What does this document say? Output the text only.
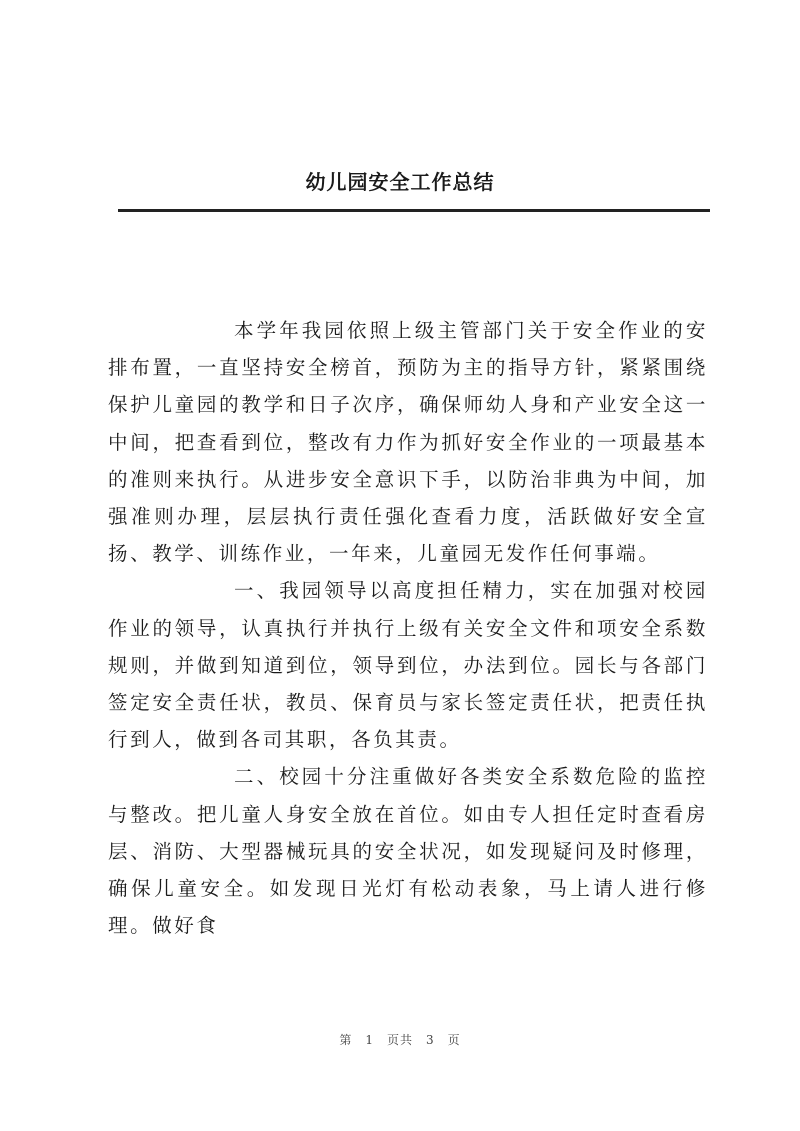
幼儿园安全工作总结

本学年我园依照上级主管部门关于安全作业的安排布置，一直坚持安全榜首，预防为主的指导方针，紧紧围绕保护儿童园的教学和日子次序，确保师幼人身和产业安全这一中间，把查看到位，整改有力作为抓好安全作业的一项最基本的准则来执行。从进步安全意识下手，以防治非典为中间，加强准则办理，层层执行责任强化查看力度，活跃做好安全宣扬、教学、训练作业，一年来，儿童园无发作任何事端。

一、我园领导以高度担任精力，实在加强对校园作业的领导，认真执行并执行上级有关安全文件和项安全系数规则，并做到知道到位，领导到位，办法到位。园长与各部门签定安全责任状，教员、保育员与家长签定责任状，把责任执行到人，做到各司其职，各负其责。

二、校园十分注重做好各类安全系数危险的监控与整改。把儿童人身安全放在首位。如由专人担任定时查看房层、消防、大型器械玩具的安全状况，如发现疑问及时修理，确保儿童安全。如发现日光灯有松动表象，马上请人进行修理。做好食

第　1　页共　3　页
